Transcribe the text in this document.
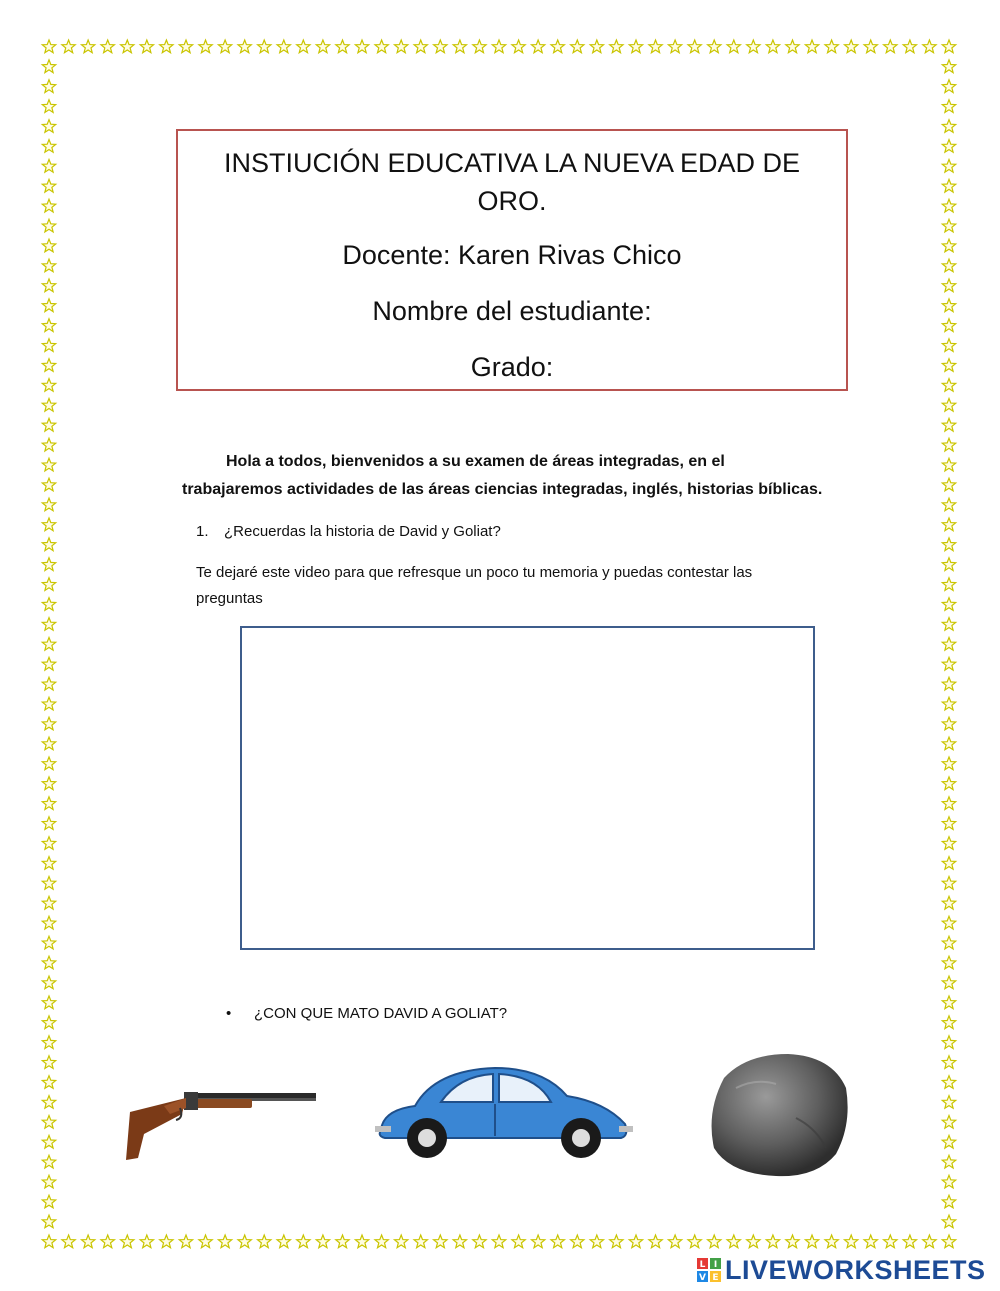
INSTIUCIÓN EDUCATIVA LA NUEVA EDAD DE
ORO.
Docente: Karen Rivas Chico
Nombre del estudiante:
Grado:
Hola a todos, bienvenidos a su examen de áreas integradas, en el
trabajaremos actividades de las áreas ciencias integradas, inglés, historias bíblicas.
1. ¿Recuerdas la historia de David y Goliat?
Te dejaré este video para que refresque un poco tu memoria y puedas contestar las
preguntas
• ¿CON QUE MATO DAVID A GOLIAT?
L I
V E LIVEWORKSHEETS
